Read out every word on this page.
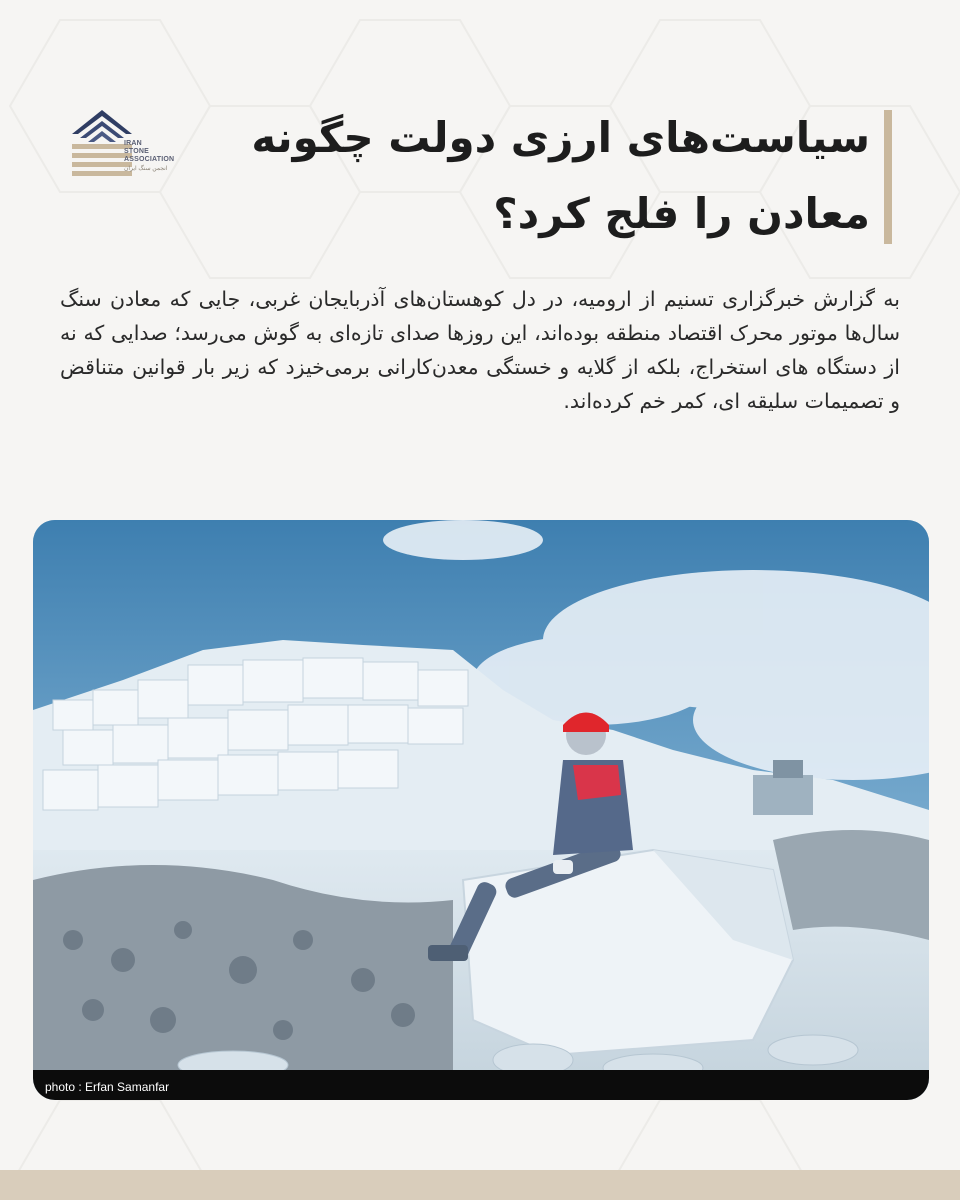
IRAN
STONE
ASSOCIATION
انجمن سنگ ایران
سیاست‌های ارزی دولت چگونه
معادن را فلج کرد؟

به گزارش خبرگزاری تسنیم از ارومیه، در دل کوهستان‌های آذربایجان غربی، جایی که معادن سنگ سال‌ها موتور محرک اقتصاد منطقه بوده‌اند، این روزها صدای تازه‌ای به گوش می‌رسد؛ صدایی که نه از دستگاه های استخراج، بلکه از گلایه و خستگی معدن‌کارانی برمی‌خیزد که زیر بار قوانین متناقض و تصمیمات سلیقه ای، کمر خم کرده‌اند.

photo : Erfan Samanfar
